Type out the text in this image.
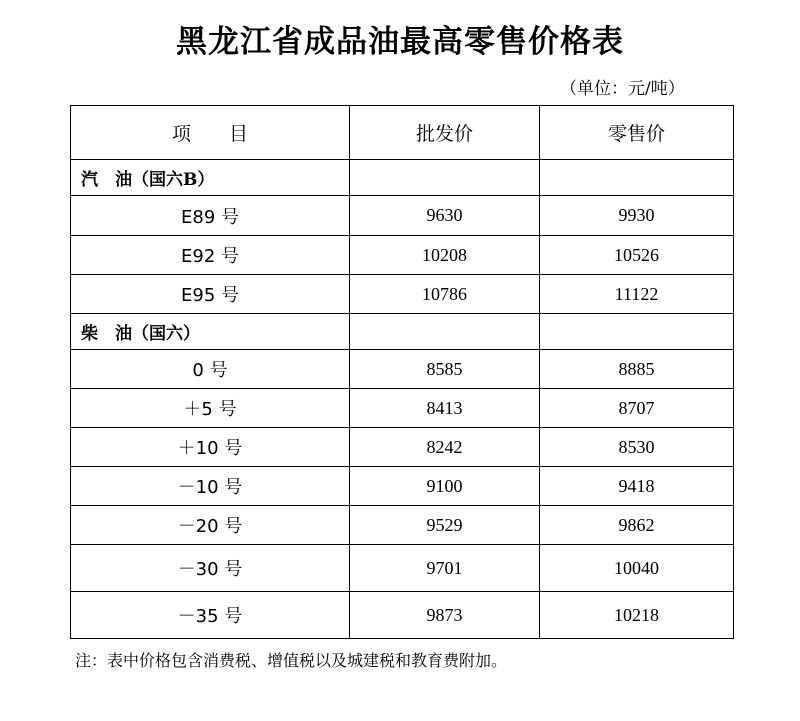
黑龙江省成品油最高零售价格表
（单位：元/吨）
项　　目	批发价	零售价
汽　油（国六B）		
E89 号	9630	9930
E92 号	10208	10526
E95 号	10786	11122
柴　油（国六）		
0 号	8585	8885
＋5 号	8413	8707
＋10 号	8242	8530
－10 号	9100	9418
－20 号	9529	9862
－30 号	9701	10040
－35 号	9873	10218
注：表中价格包含消费税、增值税以及城建税和教育费附加。
